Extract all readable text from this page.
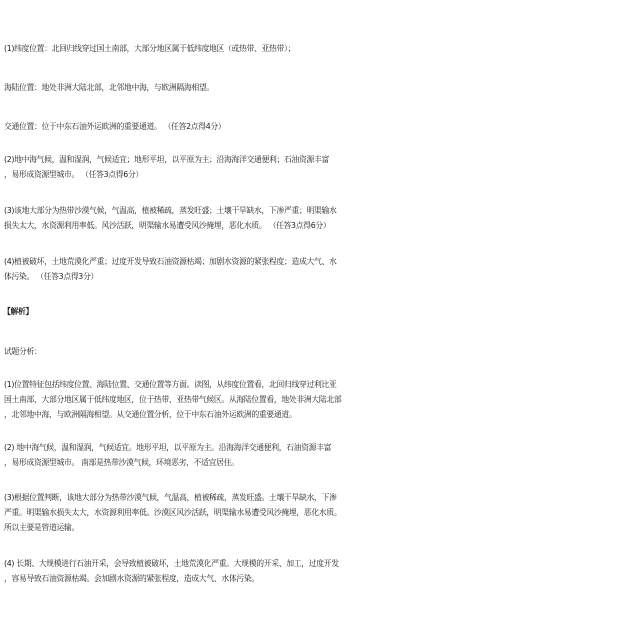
(1)纬度位置：北回归线穿过国土南部，大部分地区属于低纬度地区（或热带、亚热带）；
海陆位置：地处非洲大陆北部，北邻地中海，与欧洲隔海相望。
交通位置：位于中东石油外运欧洲的重要通道。 （任答2点得4分）
(2)地中海气候，温和湿润，气候适宜；地形平坦，以平原为主；沿海海洋交通便利；石油资源丰富
，易形成资源型城市。 （任答3点得6分）
(3)该地大部分为热带沙漠气候，气温高，植被稀疏，蒸发旺盛；土壤干旱缺水，下渗严重；明渠输水
损失太大，水资源利用率低。风沙活跃，明渠输水易遭受风沙掩埋，恶化水质。 （任答3点得6分）
(4)植被破坏，土地荒漠化严重；过度开发导致石油资源枯竭；加剧水资源的紧张程度；造成大气、水
体污染。 （任答3点得3分）
【解析】
试题分析：
(1)位置特征包括纬度位置、海陆位置、交通位置等方面。读图，从纬度位置看，北回归线穿过利比亚
国土南部，大部分地区属于低纬度地区，位于热带、亚热带气候区。从海陆位置看，地处非洲大陆北部
，北邻地中海，与欧洲隔海相望。从交通位置分析，位于中东石油外运欧洲的重要通道。
(2) 地中海气候，温和湿润，气候适宜。地形平坦，以平原为主。沿海海洋交通便利，石油资源丰富
，易形成资源型城市。 南部是热带沙漠气候，环境恶劣，不适宜居住。
(3)根据位置判断，该地大部分为热带沙漠气候，气温高，植被稀疏，蒸发旺盛。土壤干旱缺水，下渗
严重。明渠输水损失太大，水资源利用率低。沙漠区风沙活跃，明渠输水易遭受风沙掩埋，恶化水质。
所以主要是管道运输。
(4) 长期、大规模进行石油开采，会导致植被破坏，土地荒漠化严重。大规模的开采、加工，过度开发
，容易导致石油资源枯竭。会加剧水资源的紧张程度，造成大气、水体污染。
